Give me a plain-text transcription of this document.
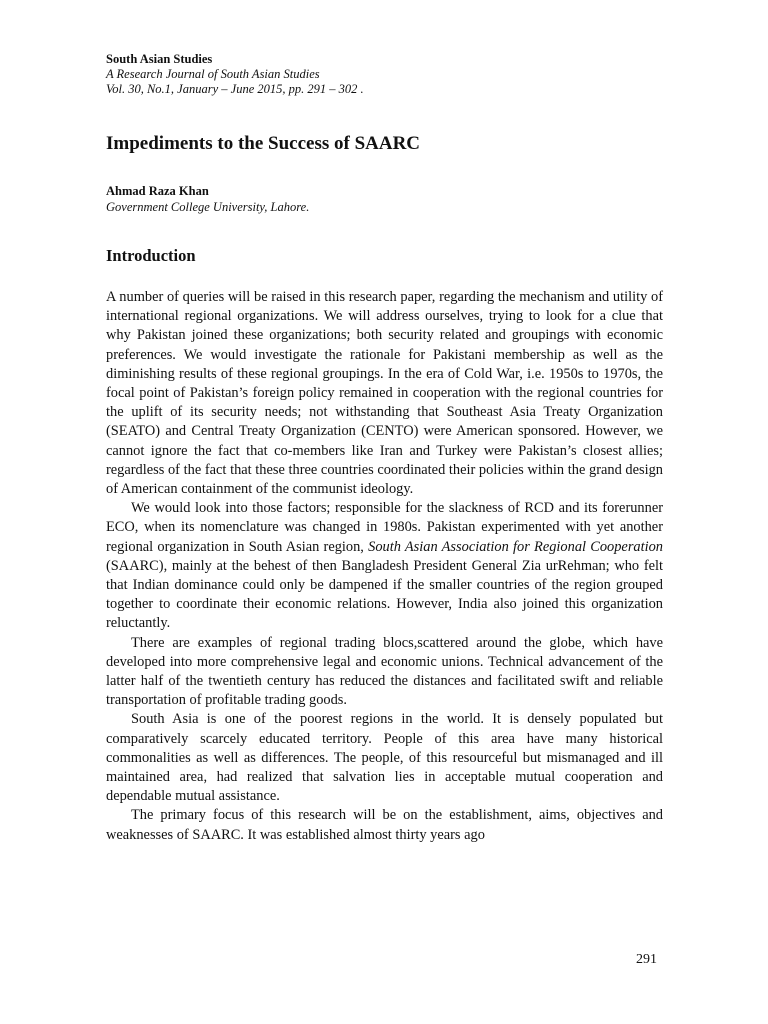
South Asian Studies

A Research Journal of South Asian Studies

Vol. 30, No.1, January – June 2015, pp. 291 – 302 .

Impediments to the Success of SAARC

Ahmad Raza Khan

Government College University, Lahore.

Introduction

A number of queries will be raised in this research paper, regarding the mechanism and utility of international regional organizations. We will address ourselves, trying to look for a clue that why Pakistan joined these organizations; both security related and groupings with economic preferences. We would investigate the rationale for Pakistani membership as well as the diminishing results of these regional groupings. In the era of Cold War, i.e. 1950s to 1970s, the focal point of Pakistan’s foreign policy remained in cooperation with the regional countries for the uplift of its security needs; not withstanding that Southeast Asia Treaty Organization (SEATO) and Central Treaty Organization (CENTO) were American sponsored. However, we cannot ignore the fact that co-members like Iran and Turkey were Pakistan’s closest allies; regardless of the fact that these three countries coordinated their policies within the grand design of American containment of the communist ideology.

We would look into those factors; responsible for the slackness of RCD and its forerunner ECO, when its nomenclature was changed in 1980s. Pakistan experimented with yet another regional organization in South Asian region, South Asian Association for Regional Cooperation (SAARC), mainly at the behest of then Bangladesh President General Zia urRehman; who felt that Indian dominance could only be dampened if the smaller countries of the region grouped together to coordinate their economic relations. However, India also joined this organization reluctantly.

There are examples of regional trading blocs,scattered around the globe, which have developed into more comprehensive legal and economic unions. Technical advancement of the latter half of the twentieth century has reduced the distances and facilitated swift and reliable transportation of profitable trading goods.

South Asia is one of the poorest regions in the world. It is densely populated but comparatively scarcely educated territory. People of this area have many historical commonalities as well as differences. The people, of this resourceful but mismanaged and ill maintained area, had realized that salvation lies in acceptable mutual cooperation and dependable mutual assistance.

The primary focus of this research will be on the establishment, aims, objectives and weaknesses of SAARC. It was established almost thirty years ago

291
